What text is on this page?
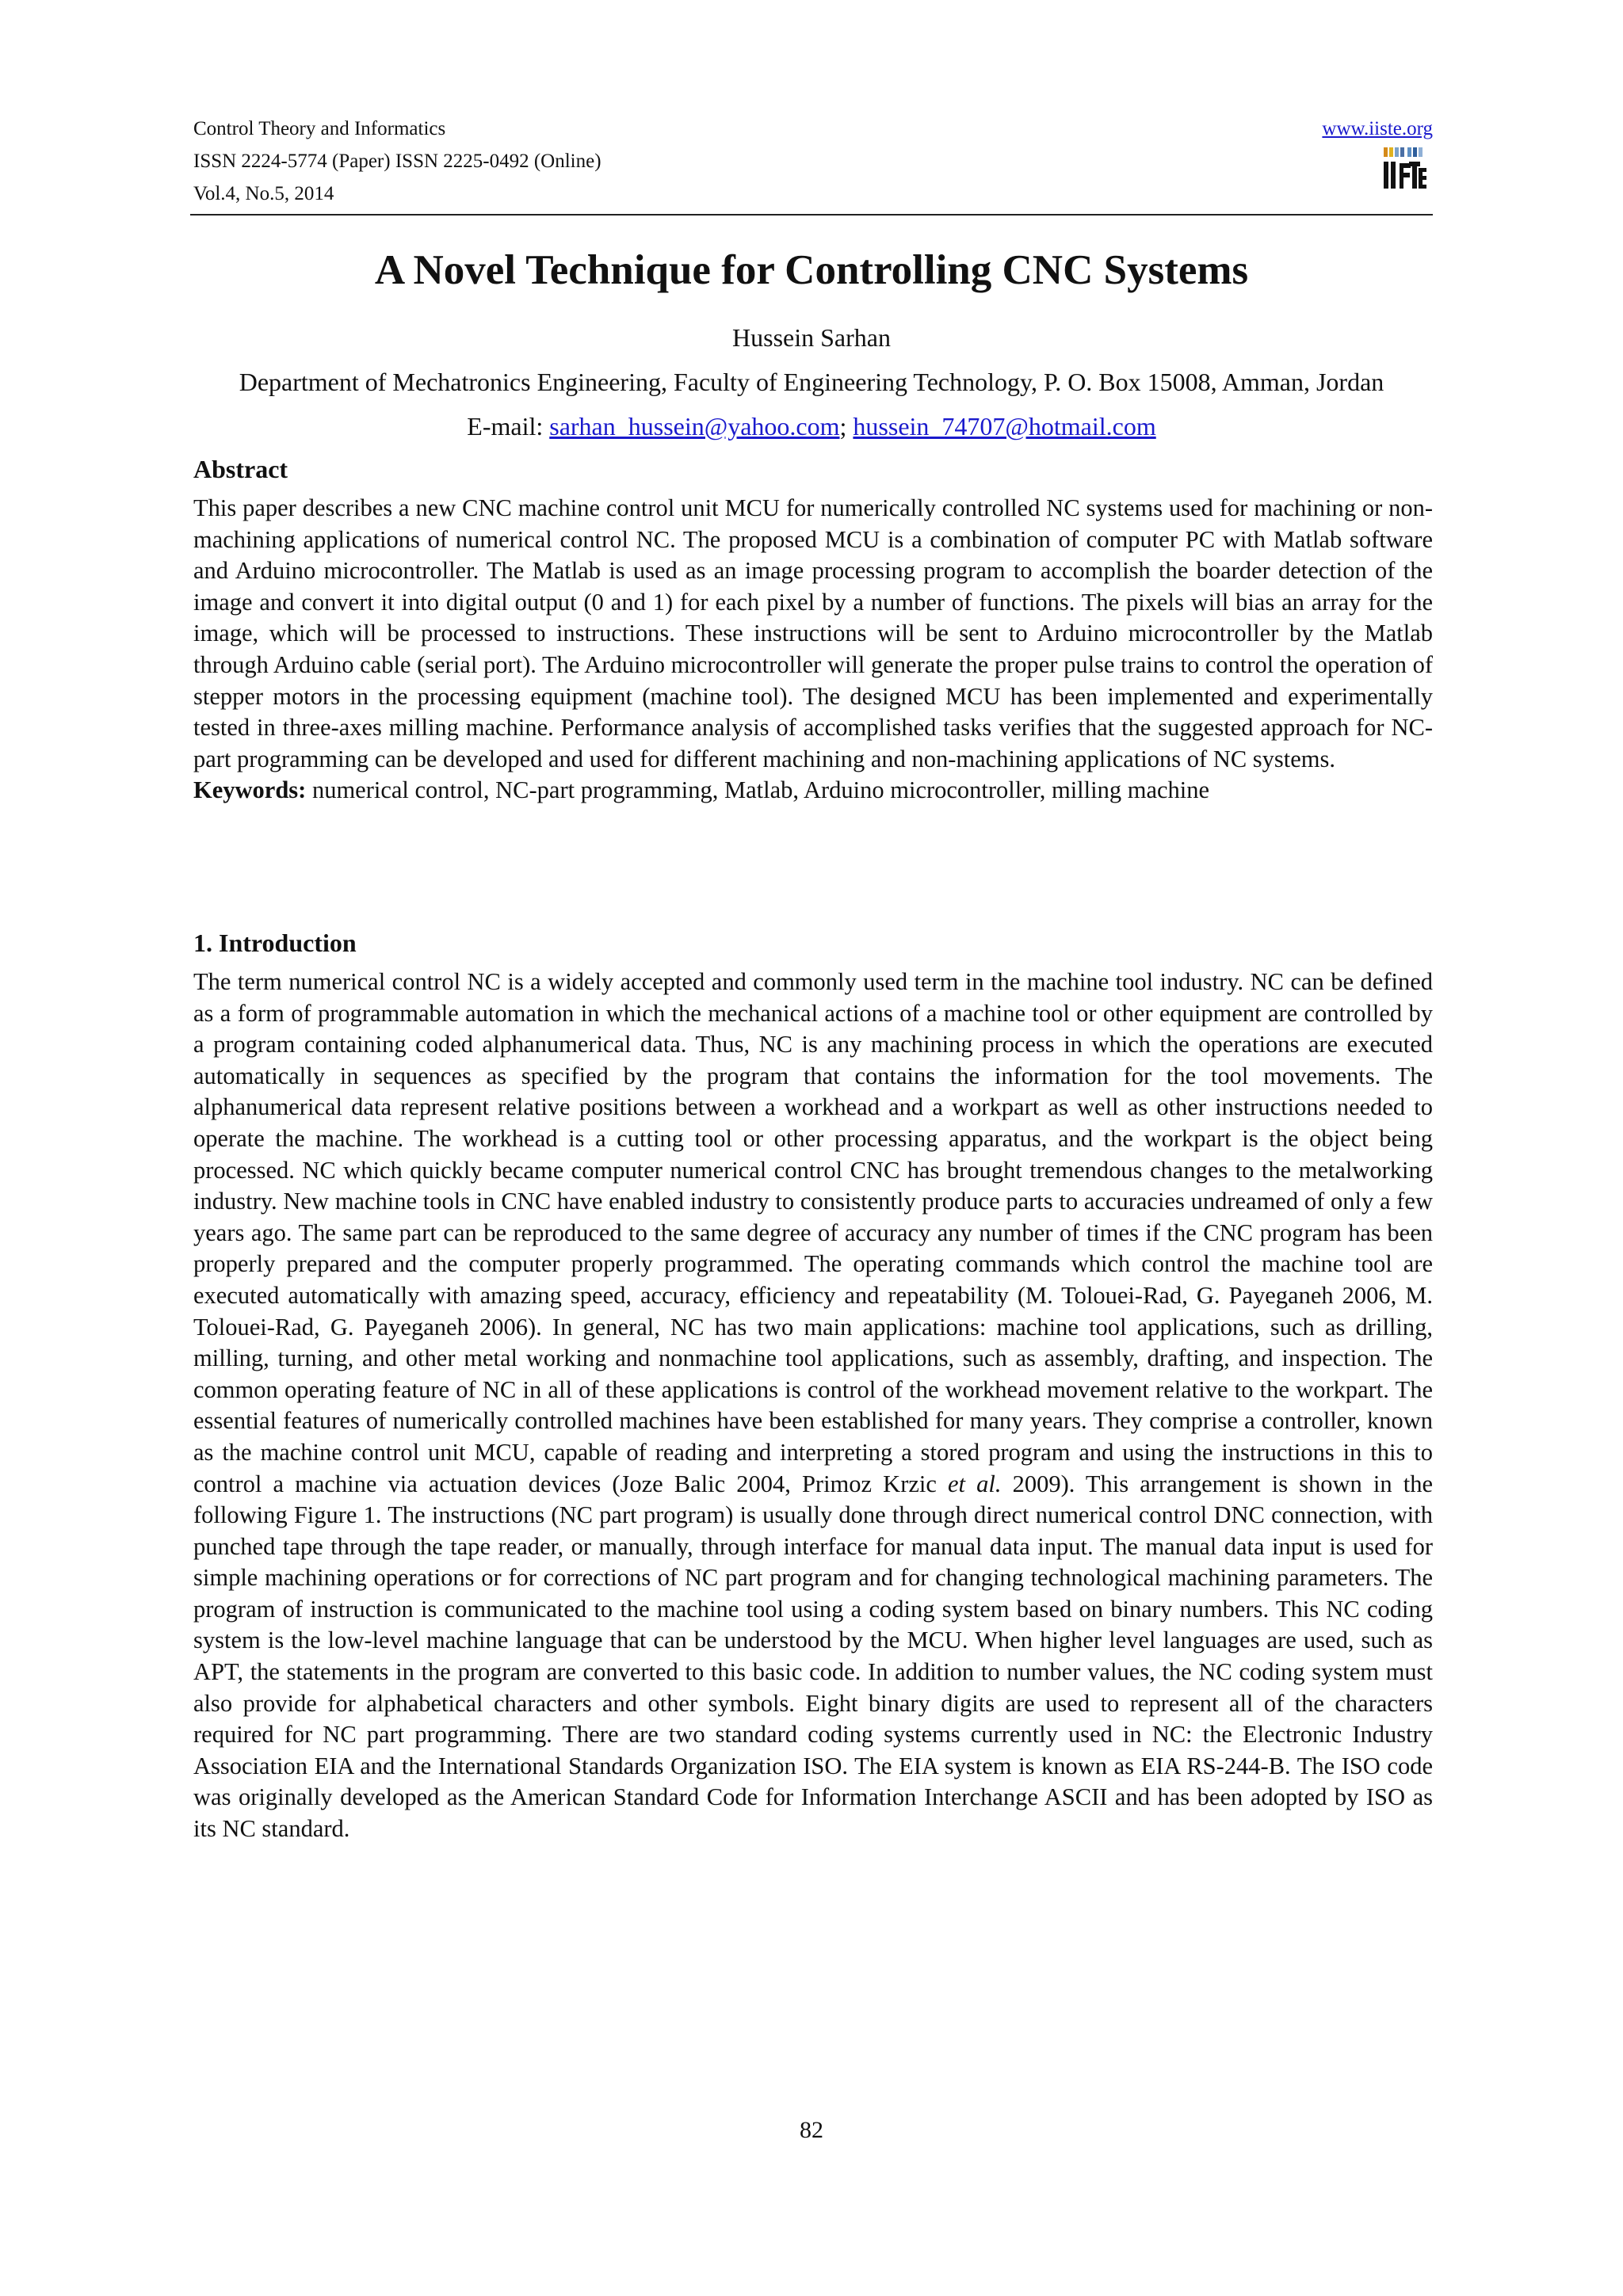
Control Theory and Informatics
ISSN 2224-5774 (Paper) ISSN 2225-0492 (Online)
Vol.4, No.5, 2014
www.iiste.org
A Novel Technique for Controlling CNC Systems
Hussein Sarhan
Department of Mechatronics Engineering, Faculty of Engineering Technology, P. O. Box 15008, Amman, Jordan
E-mail: sarhan_hussein@yahoo.com; hussein_74707@hotmail.com
Abstract

This paper describes a new CNC machine control unit MCU for numerically controlled NC systems used for machining or non-machining applications of numerical control NC. The proposed MCU is a combination of computer PC with Matlab software and Arduino microcontroller. The Matlab is used as an image processing program to accomplish the boarder detection of the image and convert it into digital output (0 and 1) for each pixel by a number of functions. The pixels will bias an array for the image, which will be processed to instructions. These instructions will be sent to Arduino microcontroller by the Matlab through Arduino cable (serial port). The Arduino microcontroller will generate the proper pulse trains to control the operation of stepper motors in the processing equipment (machine tool). The designed MCU has been implemented and experimentally tested in three-axes milling machine. Performance analysis of accomplished tasks verifies that the suggested approach for NC-part programming can be developed and used for different machining and non-machining applications of NC systems.

Keywords: numerical control, NC-part programming, Matlab, Arduino microcontroller, milling machine

1. Introduction

The term numerical control NC is a widely accepted and commonly used term in the machine tool industry. NC can be defined as a form of programmable automation in which the mechanical actions of a machine tool or other equipment are controlled by a program containing coded alphanumerical data. Thus, NC is any machining process in which the operations are executed automatically in sequences as specified by the program that contains the information for the tool movements. The alphanumerical data represent relative positions between a workhead and a workpart as well as other instructions needed to operate the machine. The workhead is a cutting tool or other processing apparatus, and the workpart is the object being processed. NC which quickly became computer numerical control CNC has brought tremendous changes to the metalworking industry. New machine tools in CNC have enabled industry to consistently produce parts to accuracies undreamed of only a few years ago. The same part can be reproduced to the same degree of accuracy any number of times if the CNC program has been properly prepared and the computer properly programmed. The operating commands which control the machine tool are executed automatically with amazing speed, accuracy, efficiency and repeatability (M. Tolouei-Rad, G. Payeganeh 2006, M. Tolouei-Rad, G. Payeganeh 2006). In general, NC has two main applications: machine tool applications, such as drilling, milling, turning, and other metal working and nonmachine tool applications, such as assembly, drafting, and inspection. The common operating feature of NC in all of these applications is control of the workhead movement relative to the workpart. The essential features of numerically controlled machines have been established for many years. They comprise a controller, known as the machine control unit MCU, capable of reading and interpreting a stored program and using the instructions in this to control a machine via actuation devices (Joze Balic 2004, Primoz Krzic et al. 2009). This arrangement is shown in the following Figure 1. The instructions (NC part program) is usually done through direct numerical control DNC connection, with punched tape through the tape reader, or manually, through interface for manual data input. The manual data input is used for simple machining operations or for corrections of NC part program and for changing technological machining parameters. The program of instruction is communicated to the machine tool using a coding system based on binary numbers. This NC coding system is the low-level machine language that can be understood by the MCU. When higher level languages are used, such as APT, the statements in the program are converted to this basic code. In addition to number values, the NC coding system must also provide for alphabetical characters and other symbols. Eight binary digits are used to represent all of the characters required for NC part programming. There are two standard coding systems currently used in NC: the Electronic Industry Association EIA and the International Standards Organization ISO. The EIA system is known as EIA RS-244-B. The ISO code was originally developed as the American Standard Code for Information Interchange ASCII and has been adopted by ISO as its NC standard.

82
